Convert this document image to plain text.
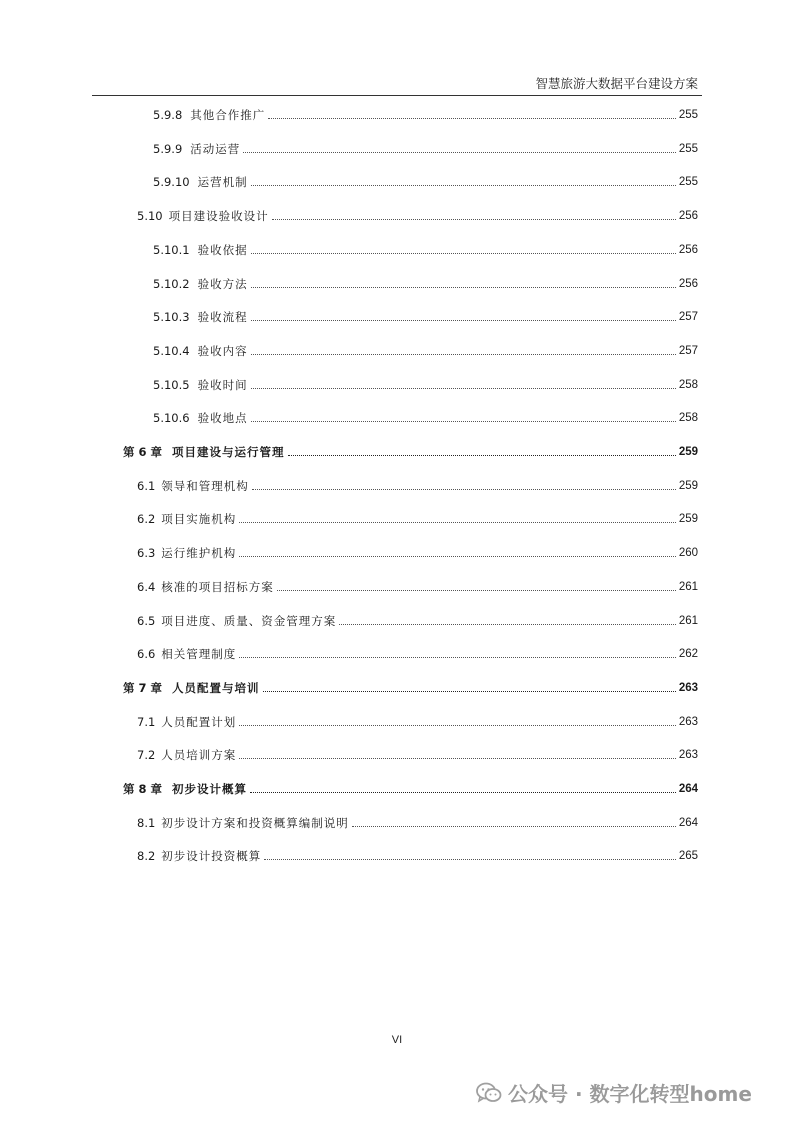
智慧旅游大数据平台建设方案
5.9.8 其他合作推广	255
5.9.9 活动运营	255
5.9.10 运营机制	255
5.10 项目建设验收设计	256
5.10.1 验收依据	256
5.10.2 验收方法	256
5.10.3 验收流程	257
5.10.4 验收内容	257
5.10.5 验收时间	258
5.10.6 验收地点	258
第 6 章 项目建设与运行管理	259
6.1 领导和管理机构	259
6.2 项目实施机构	259
6.3 运行维护机构	260
6.4 核准的项目招标方案	261
6.5 项目进度、质量、资金管理方案	261
6.6 相关管理制度	262
第 7 章 人员配置与培训	263
7.1 人员配置计划	263
7.2 人员培训方案	263
第 8 章 初步设计概算	264
8.1 初步设计方案和投资概算编制说明	264
8.2 初步设计投资概算	265
VI
公众号 · 数字化转型home
